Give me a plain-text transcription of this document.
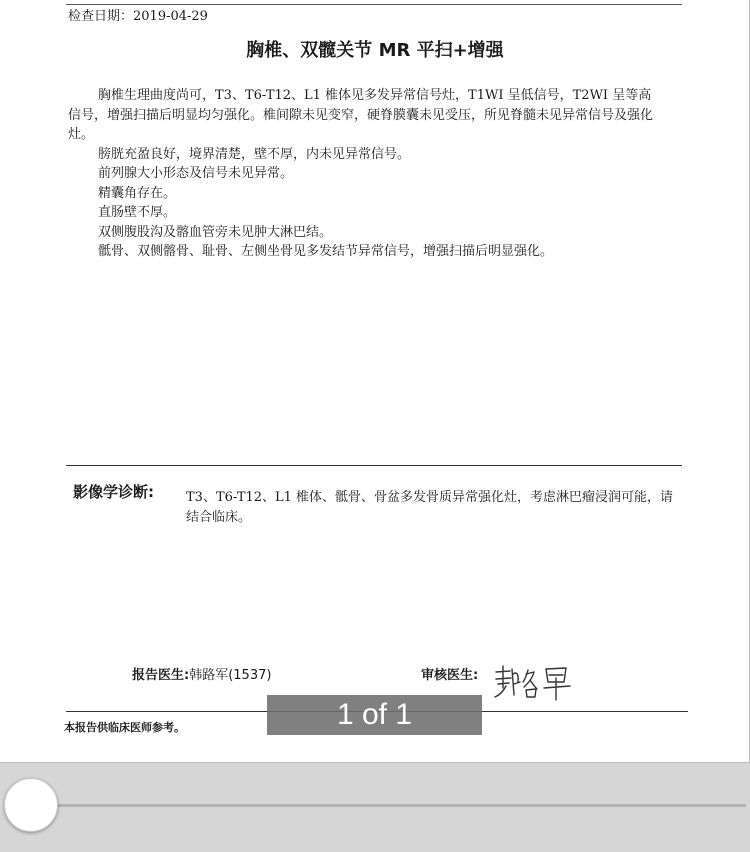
检查日期：2019-04-29
胸椎、双髋关节 MR 平扫+增强

胸椎生理曲度尚可，T3、T6-T12、L1 椎体见多发异常信号灶，T1WI 呈低信号，T2WI 呈等高信号，增强扫描后明显均匀强化。椎间隙未见变窄，硬脊膜囊未见受压，所见脊髓未见异常信号及强化灶。

膀胱充盈良好，境界清楚，壁不厚，内未见异常信号。

前列腺大小形态及信号未见异常。

精囊角存在。

直肠壁不厚。

双侧腹股沟及髂血管旁未见肿大淋巴结。

骶骨、双侧髂骨、耻骨、左侧坐骨见多发结节异常信号，增强扫描后明显强化。

影像学诊断: T3、T6-T12、L1 椎体、骶骨、骨盆多发骨质异常强化灶，考虑淋巴瘤浸润可能，请结合临床。
报告医生:韩路军(1537)	审核医生:
本报告供临床医师参考。	1 of 1
